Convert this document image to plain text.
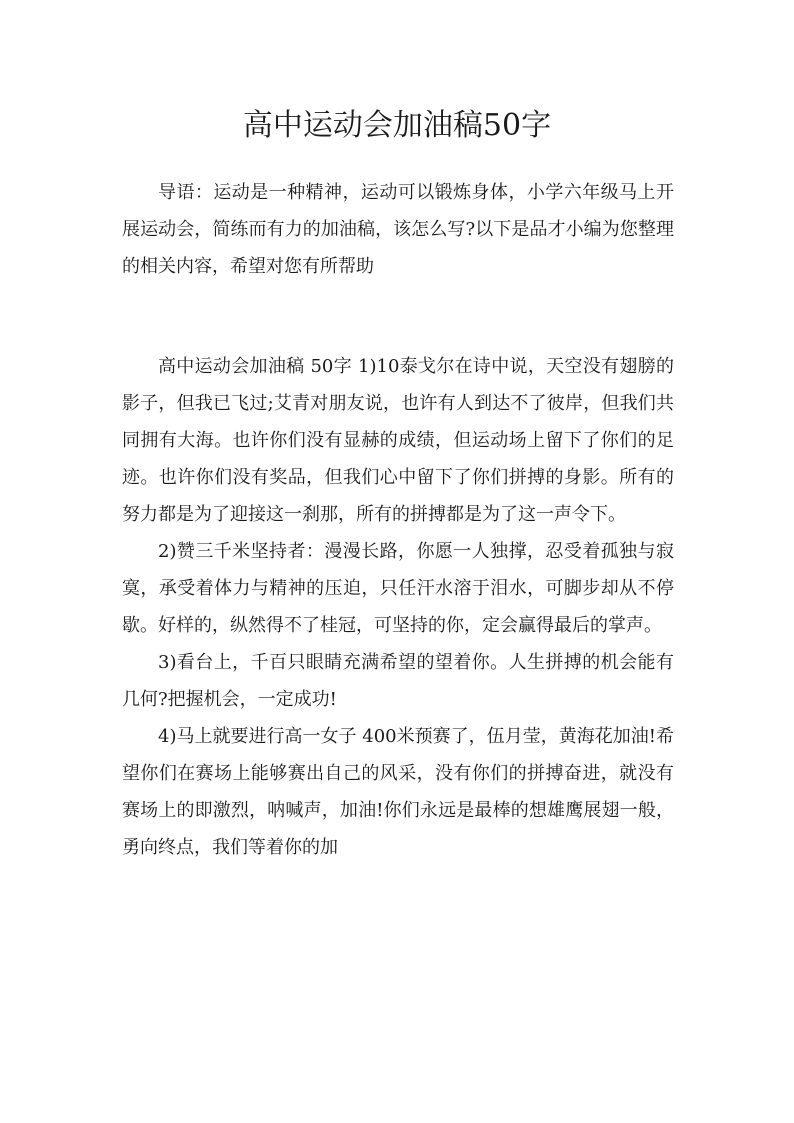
高中运动会加油稿50字

导语：运动是一种精神，运动可以锻炼身体，小学六年级马上开展运动会，简练而有力的加油稿，该怎么写?以下是品才小编为您整理的相关内容，希望对您有所帮助

高中运动会加油稿 50字 1)10泰戈尔在诗中说，天空没有翅膀的影子，但我已飞过;艾青对朋友说，也许有人到达不了彼岸，但我们共同拥有大海。也许你们没有显赫的成绩，但运动场上留下了你们的足迹。也许你们没有奖品，但我们心中留下了你们拼搏的身影。所有的努力都是为了迎接这一刹那，所有的拼搏都是为了这一声令下。

2)赞三千米坚持者：漫漫长路，你愿一人独撑，忍受着孤独与寂寞，承受着体力与精神的压迫，只任汗水溶于泪水，可脚步却从不停歇。好样的，纵然得不了桂冠，可坚持的你，定会赢得最后的掌声。

3)看台上，千百只眼睛充满希望的望着你。人生拼搏的机会能有几何?把握机会，一定成功!

4)马上就要进行高一女子 400米预赛了，伍月莹，黄海花加油!希望你们在赛场上能够赛出自己的风采，没有你们的拼搏奋进，就没有赛场上的即激烈，呐喊声，加油!你们永远是最棒的想雄鹰展翅一般，勇向终点，我们等着你的加
